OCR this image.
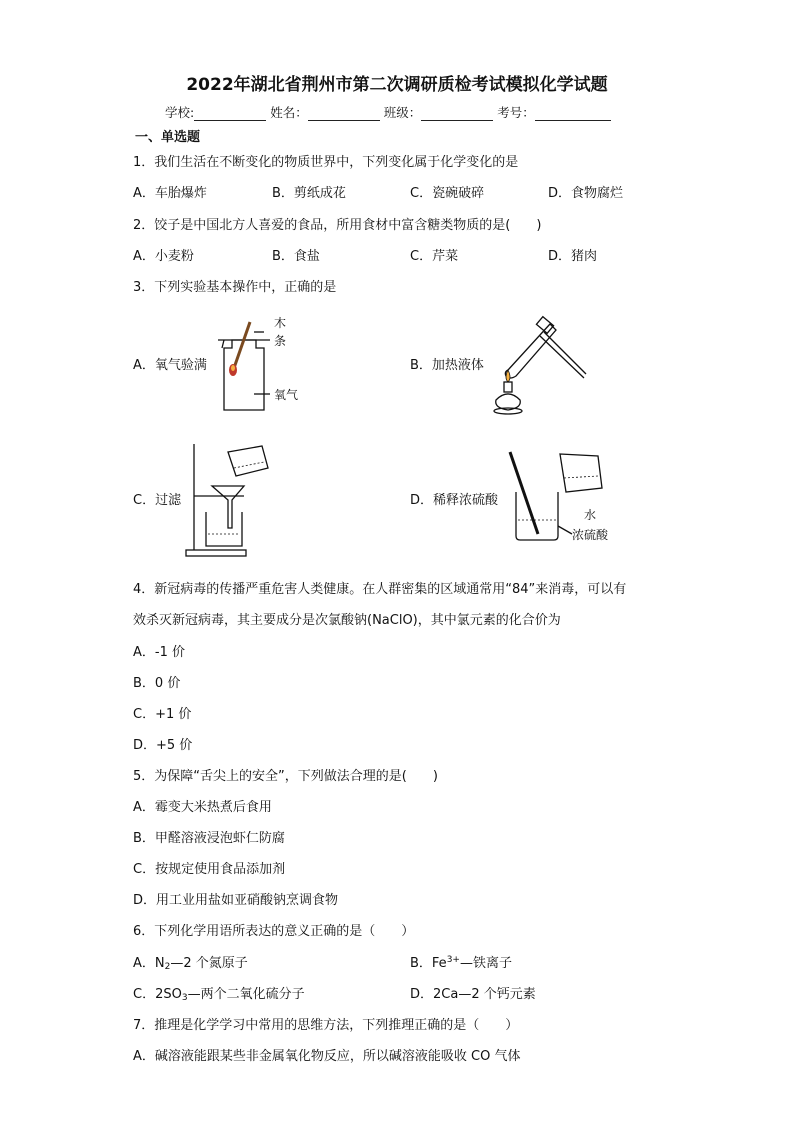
2022年湖北省荆州市第二次调研质检考试模拟化学试题
学校:	姓名：	班级：	考号：
一、单选题
1．我们生活在不断变化的物质世界中，下列变化属于化学变化的是
A．车胎爆炸	B．剪纸成花	C．瓷碗破碎	D．食物腐烂
2．饺子是中国北方人喜爱的食品，所用食材中富含糖类物质的是(　　)
A．小麦粉	B．食盐	C．芹菜	D．猪肉
3．下列实验基本操作中，正确的是
A．氧气验满	B．加热液体
C．过滤	D．稀释浓硫酸
木
条
氧气
水
浓硫酸
4．新冠病毒的传播严重危害人类健康。在人群密集的区域通常用“84”来消毒，可以有
效杀灭新冠病毒，其主要成分是次氯酸钠(NaClO)，其中氯元素的化合价为
A．-1 价
B．0 价
C．+1 价
D．+5 价
5．为保障“舌尖上的安全”，下列做法合理的是(　　)
A．霉变大米热煮后食用
B．甲醛溶液浸泡虾仁防腐
C．按规定使用食品添加剂
D．用工业用盐如亚硝酸钠烹调食物
6．下列化学用语所表达的意义正确的是（　　）
A．$N_2—2$ 个氮原子	B．$Fe^{3+}—$铁离子
C．$2SO_3—$两个二氧化硫分子	D．2Ca—2 个钙元素
7．推理是化学学习中常用的思维方法，下列推理正确的是（　　）
A．碱溶液能跟某些非金属氧化物反应，所以碱溶液能吸收 CO 气体
